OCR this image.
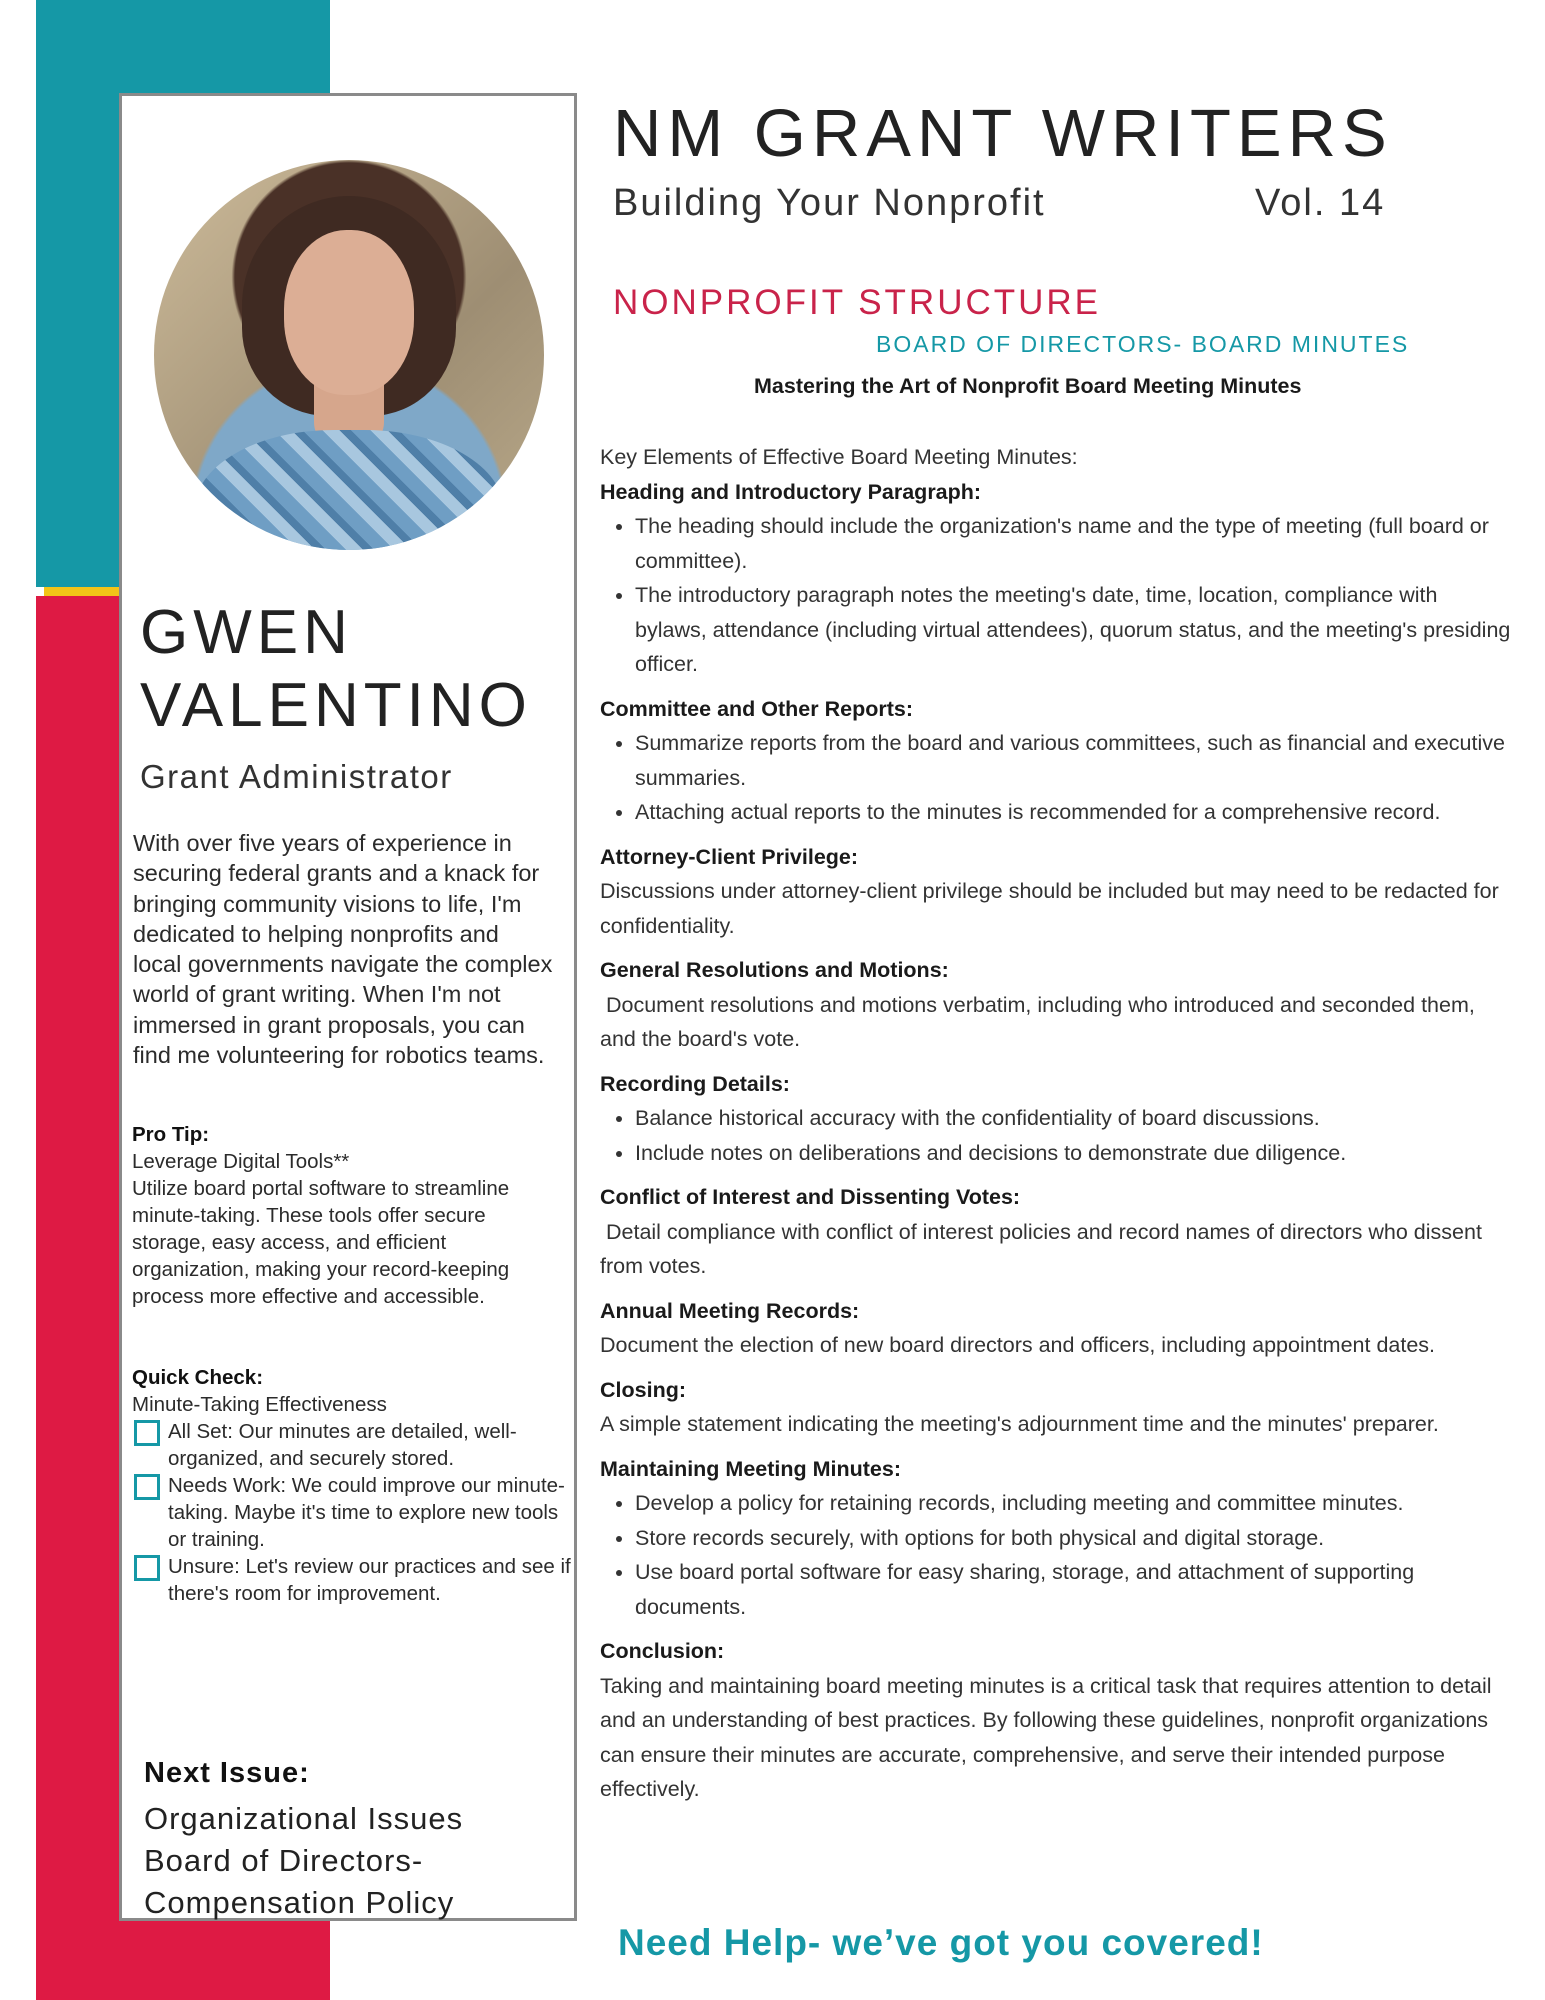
GWEN
VALENTINO
Grant Administrator
With over five years of experience in securing federal grants and a knack for bringing community visions to life, I'm dedicated to helping nonprofits and local governments navigate the complex world of grant writing. When I'm not immersed in grant proposals, you can find me volunteering for robotics teams.
Pro Tip:
Leverage Digital Tools**
Utilize board portal software to streamline minute-taking. These tools offer secure storage, easy access, and efficient organization, making your record-keeping process more effective and accessible.
Quick Check:
Minute-Taking Effectiveness
All Set: Our minutes are detailed, well-organized, and securely stored.
Needs Work: We could improve our minute-taking. Maybe it's time to explore new tools or training.
Unsure: Let's review our practices and see if there's room for improvement.
Next Issue:
Organizational Issues
Board of Directors-
Compensation Policy
NM GRANT WRITERS
Building Your Nonprofit	Vol. 14
NONPROFIT STRUCTURE
BOARD OF DIRECTORS- BOARD MINUTES
Mastering the Art of Nonprofit Board Meeting Minutes

Key Elements of Effective Board Meeting Minutes:

Heading and Introductory Paragraph:
• The heading should include the organization's name and the type of meeting (full board or committee).
• The introductory paragraph notes the meeting's date, time, location, compliance with bylaws, attendance (including virtual attendees), quorum status, and the meeting's presiding officer.
Committee and Other Reports:
• Summarize reports from the board and various committees, such as financial and executive summaries.
• Attaching actual reports to the minutes is recommended for a comprehensive record.
Attorney-Client Privilege:

Discussions under attorney-client privilege should be included but may need to be redacted for confidentiality.

General Resolutions and Motions:

Document resolutions and motions verbatim, including who introduced and seconded them, and the board's vote.

Recording Details:
• Balance historical accuracy with the confidentiality of board discussions.
• Include notes on deliberations and decisions to demonstrate due diligence.
Conflict of Interest and Dissenting Votes:

Detail compliance with conflict of interest policies and record names of directors who dissent from votes.

Annual Meeting Records:

Document the election of new board directors and officers, including appointment dates.

Closing:

A simple statement indicating the meeting's adjournment time and the minutes' preparer.

Maintaining Meeting Minutes:
• Develop a policy for retaining records, including meeting and committee minutes.
• Store records securely, with options for both physical and digital storage.
• Use board portal software for easy sharing, storage, and attachment of supporting documents.
Conclusion:

Taking and maintaining board meeting minutes is a critical task that requires attention to detail and an understanding of best practices. By following these guidelines, nonprofit organizations can ensure their minutes are accurate, comprehensive, and serve their intended purpose effectively.

Need Help- we’ve got you covered!
